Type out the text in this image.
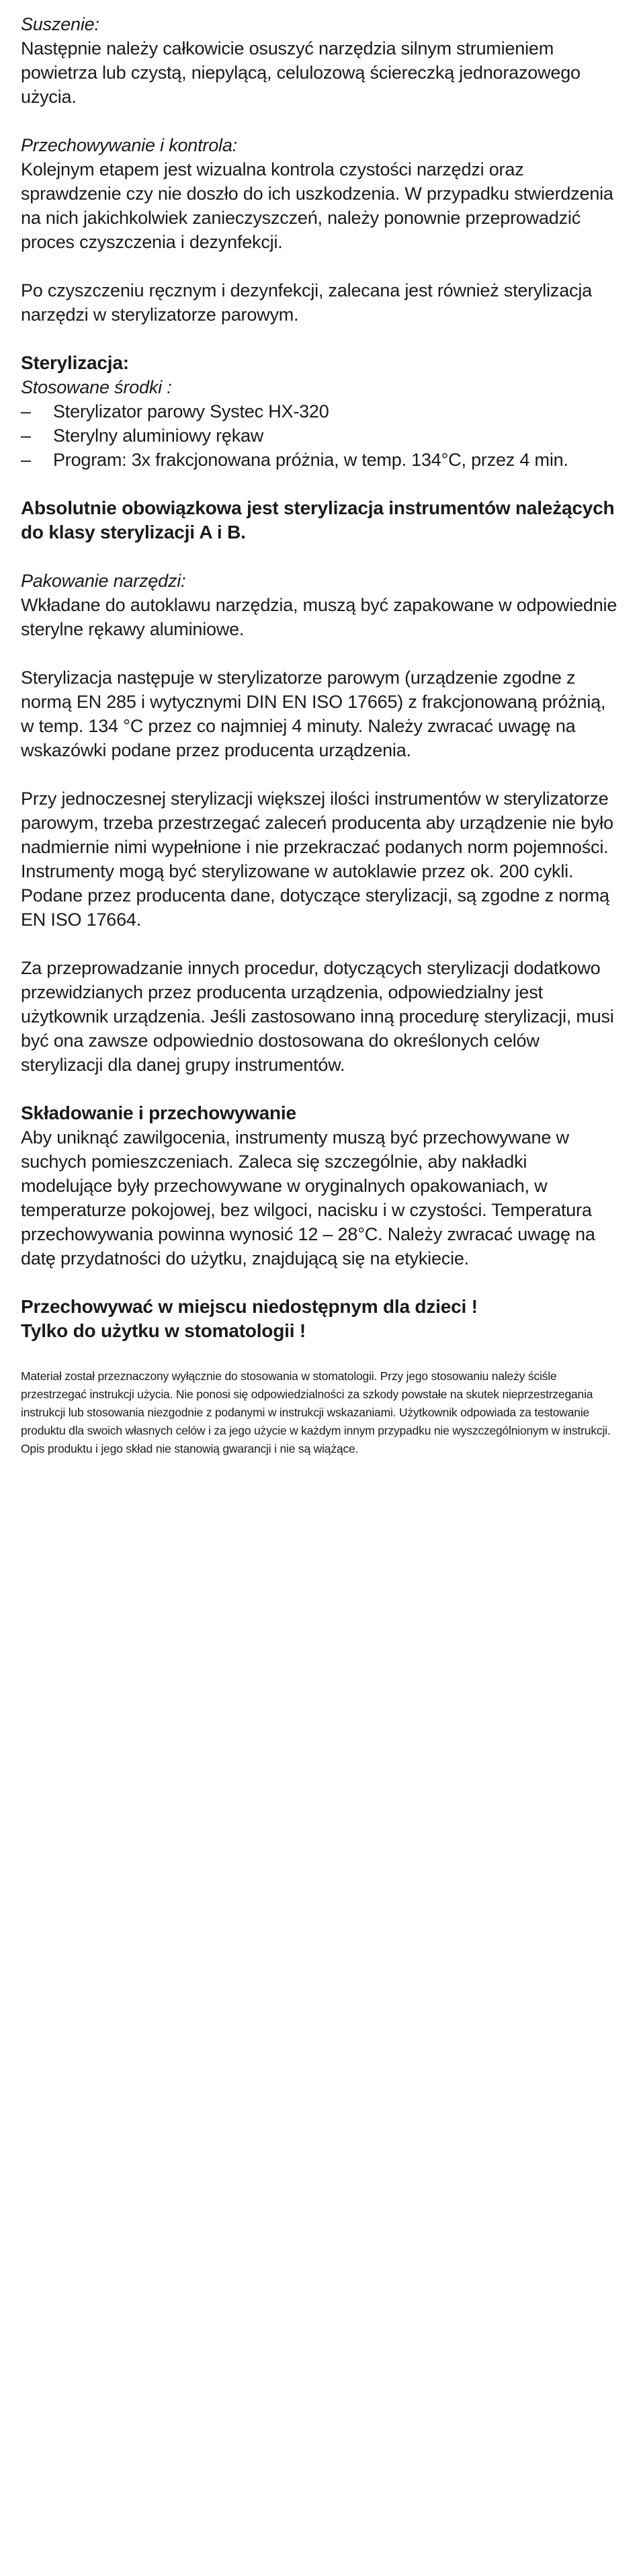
Suszenie:

Następnie należy całkowicie osuszyć narzędzia silnym strumieniem powietrza lub czystą, niepylącą, celulozową ściereczką jednorazowego użycia.

Przechowywanie i kontrola:

Kolejnym etapem jest wizualna kontrola czystości narzędzi oraz sprawdzenie czy nie doszło do ich uszkodzenia. W przypadku stwierdzenia na nich jakichkolwiek zanieczyszczeń, należy ponownie przeprowadzić proces czyszczenia i dezynfekcji.

Po czyszczeniu ręcznym i dezynfekcji, zalecana jest również sterylizacja narzędzi w sterylizatorze parowym.

Sterylizacja:

Stosowane środki :

– Sterylizator parowy Systec HX-320
– Sterylny aluminiowy rękaw
– Program: 3x frakcjonowana próżnia, w temp. 134°C, przez 4 min.

Absolutnie obowiązkowa jest sterylizacja instrumentów należących do klasy sterylizacji A i B.

Pakowanie narzędzi:

Wkładane do autoklawu narzędzia, muszą być zapakowane w odpowiednie sterylne rękawy aluminiowe.

Sterylizacja następuje w sterylizatorze parowym (urządzenie zgodne z normą EN 285 i wytycznymi DIN EN ISO 17665) z frakcjonowaną próżnią, w temp. 134 °C przez co najmniej 4 minuty. Należy zwracać uwagę na wskazówki podane przez producenta urządzenia.

Przy jednoczesnej sterylizacji większej ilości instrumentów w sterylizatorze parowym, trzeba przestrzegać zaleceń producenta aby urządzenie nie było nadmiernie nimi wypełnione i nie przekraczać podanych norm pojemności. Instrumenty mogą być sterylizowane w autoklawie przez ok. 200 cykli. Podane przez producenta dane, dotyczące sterylizacji, są zgodne z normą EN ISO 17664.

Za przeprowadzanie innych procedur, dotyczących sterylizacji dodatkowo przewidzianych przez producenta urządzenia, odpowiedzialny jest użytkownik urządzenia. Jeśli zastosowano inną procedurę sterylizacji, musi być ona zawsze odpowiednio dostosowana do określonych celów sterylizacji dla danej grupy instrumentów.

Składowanie i przechowywanie

Aby uniknąć zawilgocenia, instrumenty muszą być przechowywane w suchych pomieszczeniach. Zaleca się szczególnie, aby nakładki modelujące były przechowywane w oryginalnych opakowaniach, w temperaturze pokojowej, bez wilgoci, nacisku i w czystości. Temperatura przechowywania powinna wynosić 12 – 28°C. Należy zwracać uwagę na datę przydatności do użytku, znajdującą się na etykiecie.

Przechowywać w miejscu niedostępnym dla dzieci !

Tylko do użytku w stomatologii !

Materiał został przeznaczony wyłącznie do stosowania w stomatologii. Przy jego stosowaniu należy ściśle przestrzegać instrukcji użycia. Nie ponosi się odpowiedzialności za szkody powstałe na skutek nieprzestrzegania instrukcji lub stosowania niezgodnie z podanymi w instrukcji wskazaniami. Użytkownik odpowiada za testowanie produktu dla swoich własnych celów i za jego użycie w każdym innym przypadku nie wyszczególnionym w instrukcji. Opis produktu i jego skład nie stanowią gwarancji i nie są wiążące.
